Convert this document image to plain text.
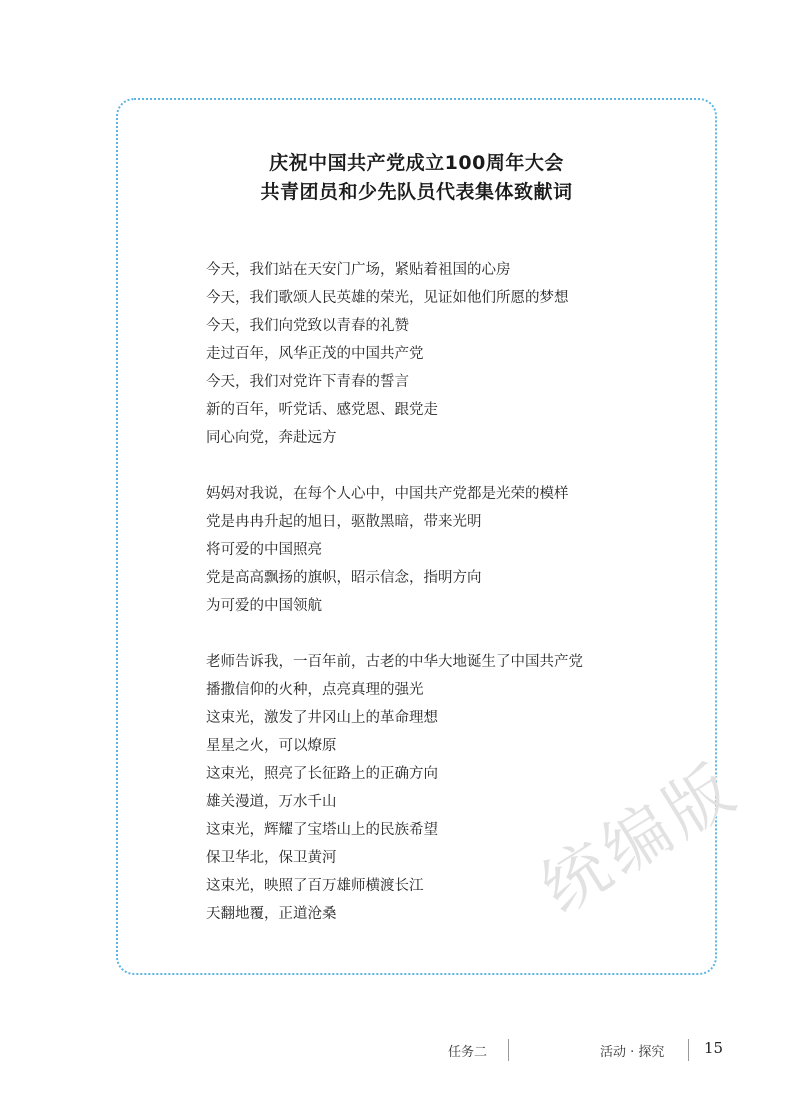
庆祝中国共产党成立100周年大会
共青团员和少先队员代表集体致献词
今天，我们站在天安门广场，紧贴着祖国的心房
今天，我们歌颂人民英雄的荣光，见证如他们所愿的梦想
今天，我们向党致以青春的礼赞
走过百年，风华正茂的中国共产党
今天，我们对党许下青春的誓言
新的百年，听党话、感党恩、跟党走
同心向党，奔赴远方
妈妈对我说，在每个人心中，中国共产党都是光荣的模样
党是冉冉升起的旭日，驱散黑暗，带来光明
将可爱的中国照亮
党是高高飘扬的旗帜，昭示信念，指明方向
为可爱的中国领航
老师告诉我，一百年前，古老的中华大地诞生了中国共产党
播撒信仰的火种，点亮真理的强光
这束光，激发了井冈山上的革命理想
星星之火，可以燎原
这束光，照亮了长征路上的正确方向
雄关漫道，万水千山
这束光，辉耀了宝塔山上的民族希望
保卫华北，保卫黄河
这束光，映照了百万雄师横渡长江
天翻地覆，正道沧桑	统编版
任务二	活动 · 探究	15
